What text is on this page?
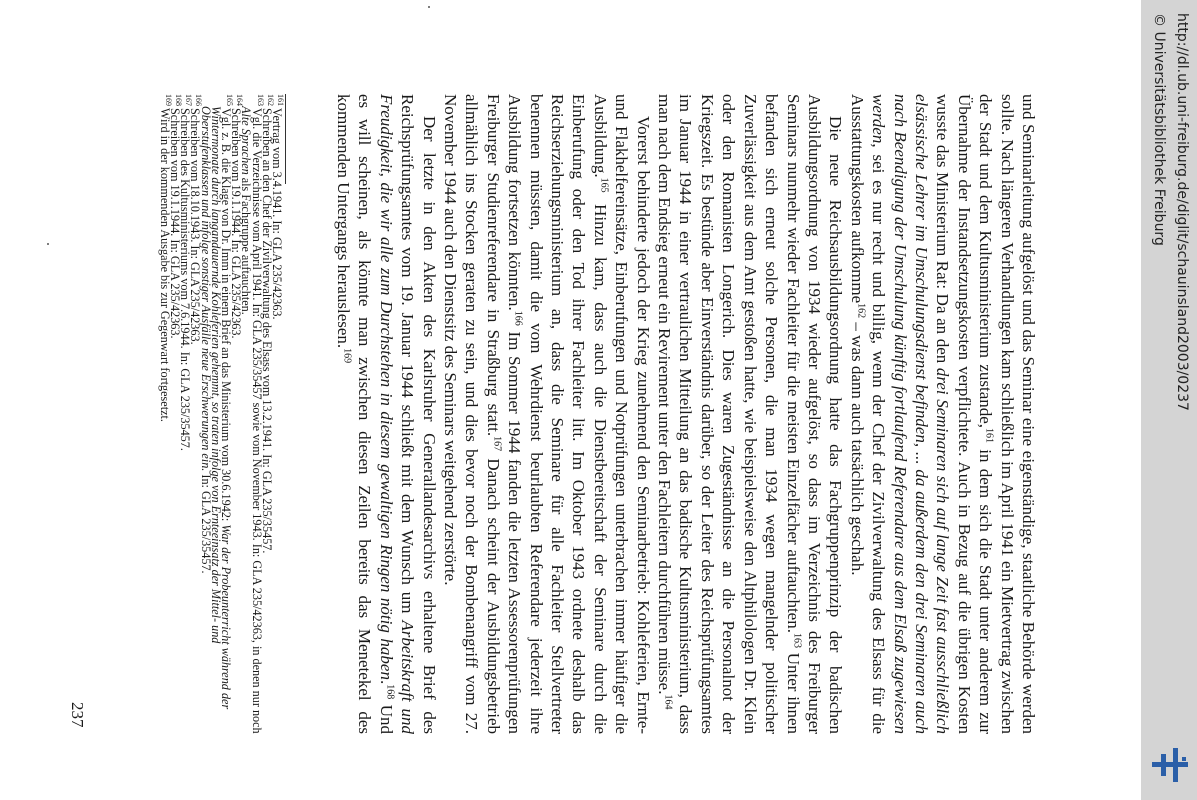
und Seminarleitung aufgelöst und das Seminar eine eigenständige, staatliche Behörde werden sollte. Nach längeren Verhandlungen kam schließlich im April 1941 ein Mietvertrag zwischen der Stadt und dem Kultusministerium zustande,$^{161}$ in dem sich die Stadt unter anderem zur Übernahme der Instandsetzungskosten verpflichtete. Auch in Bezug auf die übrigen Kosten wusste das Ministerium Rat: Da an den drei Seminaren sich auf lange Zeit fast ausschließlich elsässische Lehrer im Umschulungsdienst befinden, ... da außerdem den drei Seminaren auch nach Beendigung der Umschulung künftig fortlaufend Referendare aus dem Elsaß zugewiesen werden, sei es nur recht und billig, wenn der Chef der Zivilverwaltung des Elsass für die Ausstattungskosten aufkomme$^{162}$ – was dann auch tatsächlich geschah.

Die neue Reichsausbildungsordnung hatte das Fachgruppenprinzip der badischen Ausbildungsordnung von 1934 wieder aufgelöst, so dass im Verzeichnis des Freiburger Seminars nunmehr wieder Fachleiter für die meisten Einzelfächer auftauchten.$^{163}$ Unter ihnen befanden sich erneut solche Personen, die man 1934 wegen mangelnder politischer Zuverlässigkeit aus dem Amt gestoßen hatte, wie beispielsweise den Altphilologen Dr. Klein oder den Romanisten Longerich. Dies waren Zugeständnisse an die Personalnot der Kriegszeit. Es bestünde aber Einverständnis darüber, so der Leiter des Reichsprüfungsamtes im Januar 1944 in einer vertraulichen Mitteilung an das badische Kultusministerium, dass man nach dem Endsieg erneut ein Revirement unter den Fachleitern durchführen müsse.$^{164}$

Vorerst behinderte jedoch der Krieg zunehmend den Seminarbetrieb: Kohleferien, Ernte- und Flakhelfereinsätze, Einberufungen und Notprüfungen unterbrachen immer häufiger die Ausbildung.$^{165}$ Hinzu kam, dass auch die Dienstbereitschaft der Seminare durch die Einberufung oder den Tod ihrer Fachleiter litt. Im Oktober 1943 ordnete deshalb das Reichserziehungsministerium an, dass die Seminare für alle Fachleiter Stellvertreter benennen müssten, damit die vom Wehrdienst beurlaubten Referendare jederzeit ihre Ausbildung fortsetzen könnten.$^{166}$ Im Sommer 1944 fanden die letzten Assessorenprüfungen Freiburger Studienreferendare in Straßburg statt.$^{167}$ Danach scheint der Ausbildungsbetrieb allmählich ins Stocken geraten zu sein, und dies bevor noch der Bombenangriff vom 27. November 1944 auch den Dienstsitz des Seminars weitgehend zerstörte.

Der letzte in den Akten des Karlsruher Generallandesarchivs erhaltene Brief des Reichsprüfungsamtes vom 19. Januar 1944 schließt mit dem Wunsch um Arbeitskraft und Freudigkeit, die wir alle zum Durchstehen in diesem gewaltigen Ringen nötig haben.$^{168}$ Und es will scheinen, als könnte man zwischen diesen Zeilen bereits das Menetekel des kommenden Untergangs herauslesen.$^{169}$

$^{161}$Vertrag vom 3.4.1941. In: GLA 235/42363.

$^{162}$Schreiben an den Chef der Zivilverwaltung des Elsass vom 13.2.1941. In: GLA 235/35457.

$^{163}$Vgl. die Verzeichnisse vom April 1941. In: GLA 235/35457 sowie vom November 1943. In: GLA 235/42363, in denen nur noch Alte Sprachen als Fachgruppe auftauchten.

$^{164}$Schreiben vom 19.1.1944. In: GLA 235/42363.

$^{165}$Vgl. z. B. die Klage von Dr. Imm in einem Brief an das Ministerium vom 30.6.1942: War der Probeunterricht während der Wintermonate durch langandauernde Kohleferien gehemmt, so traten infolge von Ernteeinsatz der Mittel- und Oberstufenklassen und infolge sonstiger Ausfälle neue Erschwerungen ein. In: GLA 235/35457.

$^{166}$Schreiben vom 18.10.1943. In: GLA 235/42363.

$^{167}$Schreiben des Kultusministeriums vom 7.6.1944. In: GLA 235/35457.

$^{168}$Schreiben vom 19.1.1944. In: GLA 235/42363.

$^{169}$Wird in der kommenden Ausgabe bis zur Gegenwart fortgesetzt.

237
http://dl.ub.uni-freiburg.de/diglit/schauinsland2003/0237
© Universitätsbibliothek Freiburg
